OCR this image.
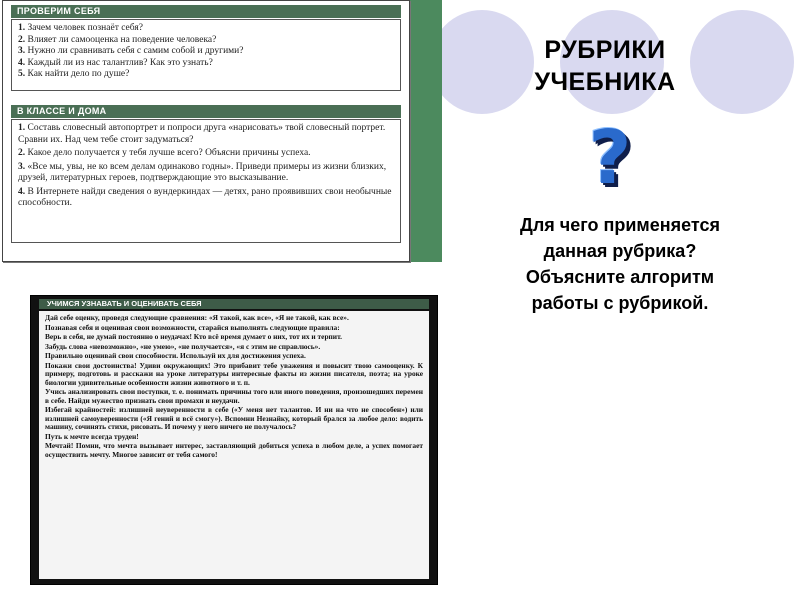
ПРОВЕРИМ СЕБЯ
1. Зачем человек познаёт себя?
2. Влияет ли самооценка на поведение человека?
3. Нужно ли сравнивать себя с самим собой и другими?
4. Каждый ли из нас талантлив? Как это узнать?
5. Как найти дело по душе?
В КЛАССЕ И ДОМА
1. Составь словесный автопортрет и попроси друга «нарисовать» твой словесный портрет. Сравни их. Над чем тебе стоит задуматься?
2. Какое дело получается у тебя лучше всего? Объясни причины успеха.
3. «Все мы, увы, не ко всем делам одинаково годны». Приведи примеры из жизни близких, друзей, литературных героев, подтверждающие это высказывание.
4. В Интернете найди сведения о вундеркиндах — детях, рано проявивших свои необычные способности.
УЧИМСЯ УЗНАВАТЬ И ОЦЕНИВАТЬ СЕБЯ

Дай себе оценку, проведя следующие сравнения: «Я такой, как все», «Я не такой, как все».

Познавая себя и оценивая свои возможности, старайся выполнять следующие правила:

Верь в себя, не думай постоянно о неудачах! Кто всё время думает о них, тот их и терпит.

Забудь слова «невозможно», «не умею», «не получается», «я с этим не справлюсь».

Правильно оценивай свои способности. Используй их для достижения успеха.

Покажи свои достоинства! Удиви окружающих! Это прибавит тебе уважения и повысит твою самооценку. К примеру, подготовь и расскажи на уроке литературы интересные факты из жизни писателя, поэта; на уроке биологии удивительные особенности жизни животного и т. п.

Учись анализировать свои поступки, т. е. понимать причины того или иного поведения, произошедших перемен в себе. Найди мужество признать свои промахи и неудачи.

Избегай крайностей: излишней неуверенности в себе («У меня нет талантов. И ни на что не способен») или излишней самоуверенности («Я гений и всё смогу»). Вспомни Незнайку, который брался за любое дело: водить машину, сочинять стихи, рисовать. И почему у него ничего не получалось?

Путь к мечте всегда труден!

Мечтай! Помни, что мечта вызывает интерес, заставляющий добиться успеха в любом деле, а успех помогает осуществить мечту. Многое зависит от тебя самого!

РУБРИКИ
УЧЕБНИКА
?
Для чего применяется
данная рубрика?
Объясните алгоритм
работы с рубрикой.
